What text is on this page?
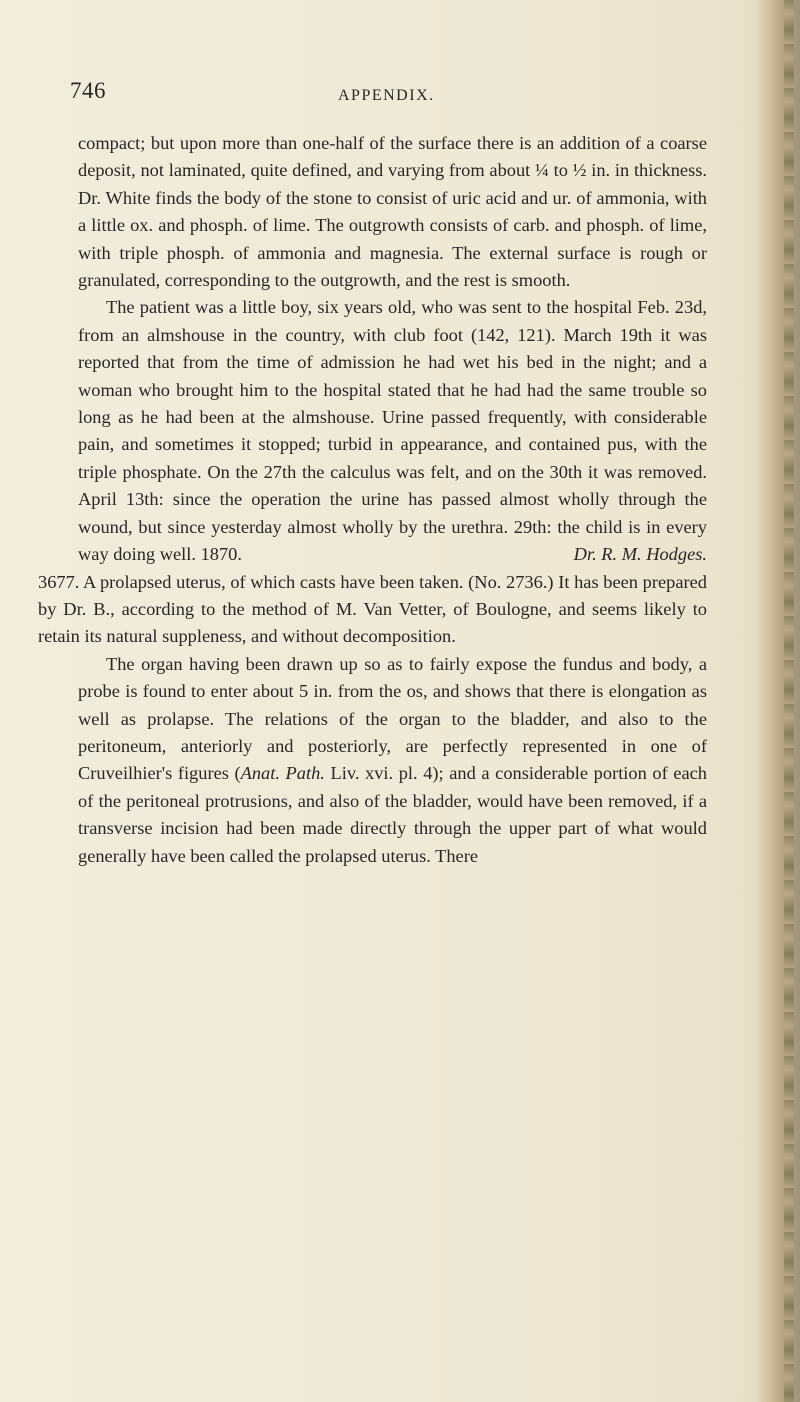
746	APPENDIX.

compact; but upon more than one-half of the surface there is an addition of a coarse deposit, not laminated, quite defined, and varying from about ¼ to ½ in. in thickness. Dr. White finds the body of the stone to consist of uric acid and ur. of ammonia, with a little ox. and phosph. of lime. The outgrowth consists of carb. and phosph. of lime, with triple phosph. of ammonia and magnesia. The external surface is rough or granulated, corresponding to the outgrowth, and the rest is smooth.

The patient was a little boy, six years old, who was sent to the hospital Feb. 23d, from an almshouse in the country, with club foot (142, 121). March 19th it was reported that from the time of admission he had wet his bed in the night; and a woman who brought him to the hospital stated that he had had the same trouble so long as he had been at the almshouse. Urine passed frequently, with considerable pain, and sometimes it stopped; turbid in appearance, and contained pus, with the triple phosphate. On the 27th the calculus was felt, and on the 30th it was removed. April 13th: since the operation the urine has passed almost wholly through the wound, but since yesterday almost wholly by the urethra. 29th: the child is in every way doing well. 1870.	Dr. R. M. Hodges.

3677. A prolapsed uterus, of which casts have been taken. (No. 2736.) It has been prepared by Dr. B., according to the method of M. Van Vetter, of Boulogne, and seems likely to retain its natural suppleness, and without decomposition.

The organ having been drawn up so as to fairly expose the fundus and body, a probe is found to enter about 5 in. from the os, and shows that there is elongation as well as prolapse. The relations of the organ to the bladder, and also to the peritoneum, anteriorly and posteriorly, are perfectly represented in one of Cruveilhier's figures (Anat. Path. Liv. xvi. pl. 4); and a considerable portion of each of the peritoneal protrusions, and also of the bladder, would have been removed, if a transverse incision had been made directly through the upper part of what would generally have been called the prolapsed uterus. There
